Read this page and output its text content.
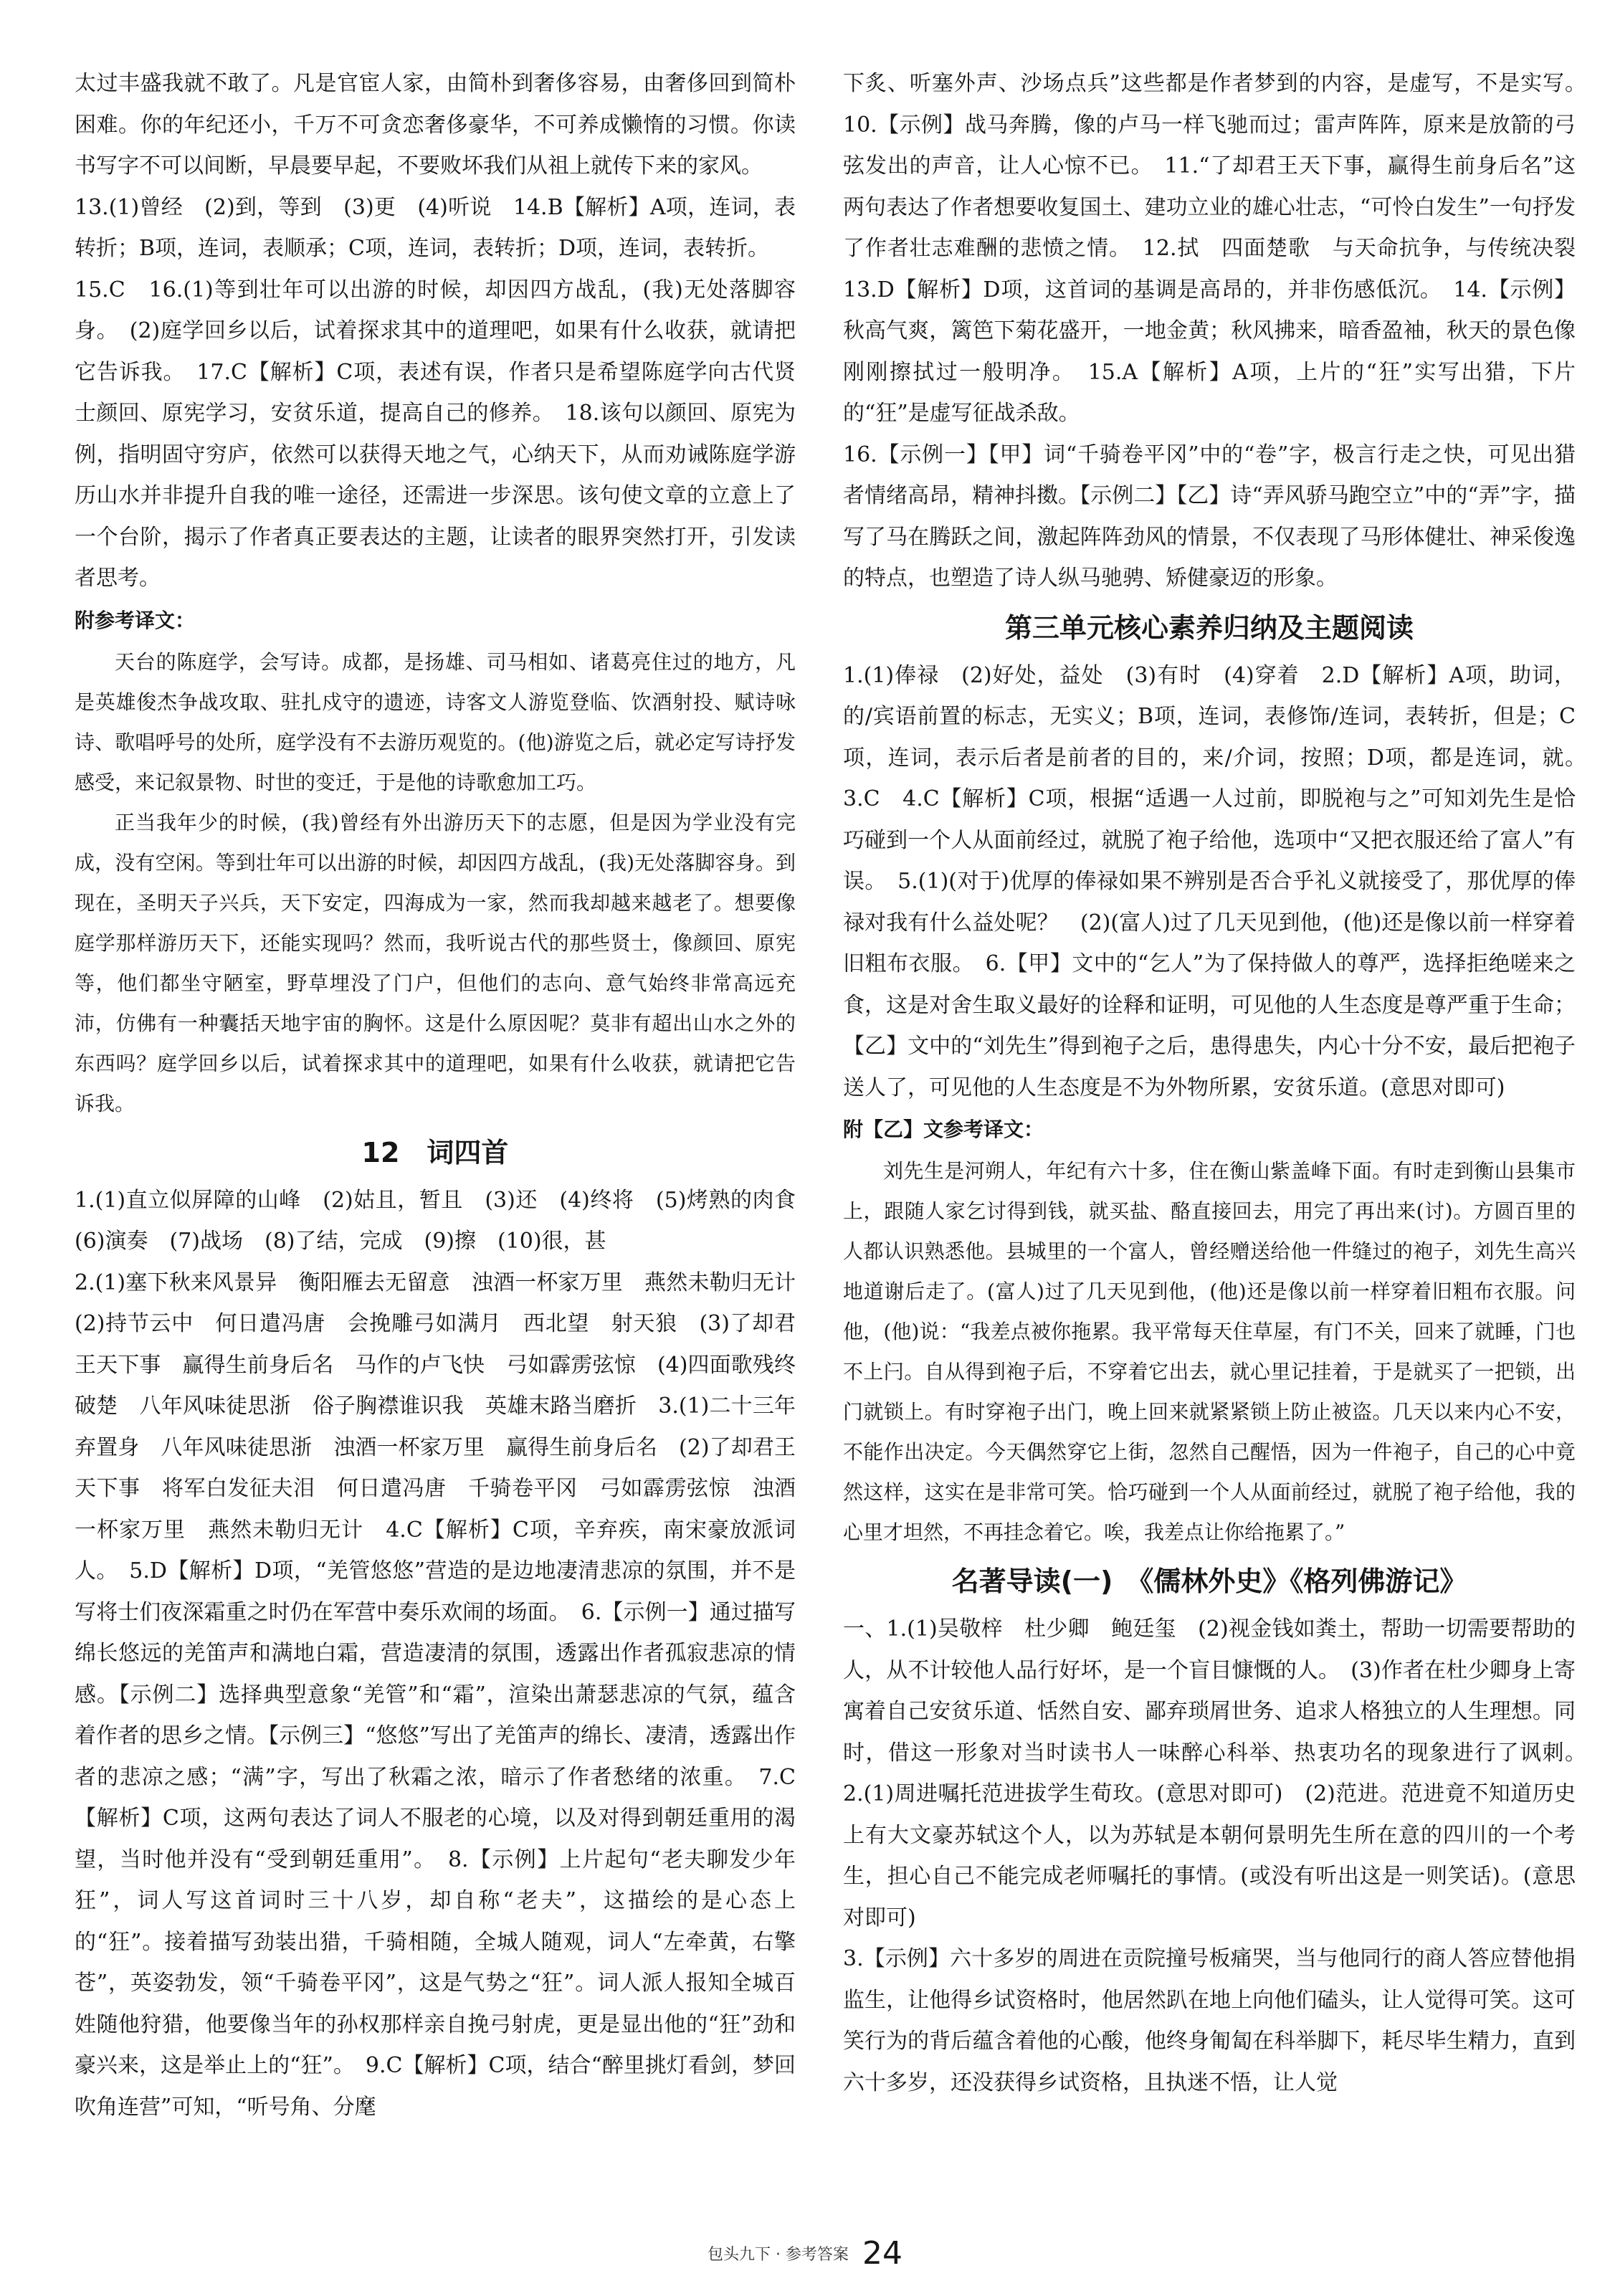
太过丰盛我就不敢了。凡是官宦人家，由简朴到奢侈容易，由奢侈回到简朴困难。你的年纪还小，千万不可贪恋奢侈豪华，不可养成懒惰的习惯。你读书写字不可以间断，早晨要早起，不要败坏我们从祖上就传下来的家风。

13.(1)曾经　(2)到，等到　(3)更　(4)听说　14.B【解析】A项，连词，表转折；B项，连词，表顺承；C项，连词，表转折；D项，连词，表转折。

15.C　16.(1)等到壮年可以出游的时候，却因四方战乱，(我)无处落脚容身。　(2)庭学回乡以后，试着探求其中的道理吧，如果有什么收获，就请把它告诉我。　17.C【解析】C项，表述有误，作者只是希望陈庭学向古代贤士颜回、原宪学习，安贫乐道，提高自己的修养。　18.该句以颜回、原宪为例，指明固守穷庐，依然可以获得天地之气，心纳天下，从而劝诫陈庭学游历山水并非提升自我的唯一途径，还需进一步深思。该句使文章的立意上了一个台阶，揭示了作者真正要表达的主题，让读者的眼界突然打开，引发读者思考。

附参考译文：

天台的陈庭学，会写诗。成都，是扬雄、司马相如、诸葛亮住过的地方，凡是英雄俊杰争战攻取、驻扎戍守的遗迹，诗客文人游览登临、饮酒射投、赋诗咏诗、歌唱呼号的处所，庭学没有不去游历观览的。(他)游览之后，就必定写诗抒发感受，来记叙景物、时世的变迁，于是他的诗歌愈加工巧。

正当我年少的时候，(我)曾经有外出游历天下的志愿，但是因为学业没有完成，没有空闲。等到壮年可以出游的时候，却因四方战乱，(我)无处落脚容身。到现在，圣明天子兴兵，天下安定，四海成为一家，然而我却越来越老了。想要像庭学那样游历天下，还能实现吗？然而，我听说古代的那些贤士，像颜回、原宪等，他们都坐守陋室，野草埋没了门户，但他们的志向、意气始终非常高远充沛，仿佛有一种囊括天地宇宙的胸怀。这是什么原因呢？莫非有超出山水之外的东西吗？庭学回乡以后，试着探求其中的道理吧，如果有什么收获，就请把它告诉我。

12　词四首

1.(1)直立似屏障的山峰　(2)姑且，暂且　(3)还　(4)终将　(5)烤熟的肉食　(6)演奏　(7)战场　(8)了结，完成　(9)擦　(10)很，甚

2.(1)塞下秋来风景异　衡阳雁去无留意　浊酒一杯家万里　燕然未勒归无计　(2)持节云中　何日遣冯唐　会挽雕弓如满月　西北望　射天狼　(3)了却君王天下事　赢得生前身后名　马作的卢飞快　弓如霹雳弦惊　(4)四面歌残终破楚　八年风味徒思浙　俗子胸襟谁识我　英雄末路当磨折　3.(1)二十三年弃置身　八年风味徒思浙　浊酒一杯家万里　赢得生前身后名　(2)了却君王天下事　将军白发征夫泪　何日遣冯唐　千骑卷平冈　弓如霹雳弦惊　浊酒一杯家万里　燕然未勒归无计　4.C【解析】C项，辛弃疾，南宋豪放派词人。　5.D【解析】D项，“羌管悠悠”营造的是边地凄清悲凉的氛围，并不是写将士们夜深霜重之时仍在军营中奏乐欢闹的场面。　6.【示例一】通过描写绵长悠远的羌笛声和满地白霜，营造凄清的氛围，透露出作者孤寂悲凉的情感。【示例二】选择典型意象“羌管”和“霜”，渲染出萧瑟悲凉的气氛，蕴含着作者的思乡之情。【示例三】“悠悠”写出了羌笛声的绵长、凄清，透露出作者的悲凉之感；“满”字，写出了秋霜之浓，暗示了作者愁绪的浓重。　7.C【解析】C项，这两句表达了词人不服老的心境，以及对得到朝廷重用的渴望，当时他并没有“受到朝廷重用”。　8.【示例】上片起句“老夫聊发少年狂”，词人写这首词时三十八岁，却自称“老夫”，这描绘的是心态上的“狂”。接着描写劲装出猎，千骑相随，全城人随观，词人“左牵黄，右擎苍”，英姿勃发，领“千骑卷平冈”，这是气势之“狂”。词人派人报知全城百姓随他狩猎，他要像当年的孙权那样亲自挽弓射虎，更是显出他的“狂”劲和豪兴来，这是举止上的“狂”。　9.C【解析】C项，结合“醉里挑灯看剑，梦回吹角连营”可知，“听号角、分麾

下炙、听塞外声、沙场点兵”这些都是作者梦到的内容，是虚写，不是实写。　10.【示例】战马奔腾，像的卢马一样飞驰而过；雷声阵阵，原来是放箭的弓弦发出的声音，让人心惊不已。　11.“了却君王天下事，赢得生前身后名”这两句表达了作者想要收复国土、建功立业的雄心壮志，“可怜白发生”一句抒发了作者壮志难酬的悲愤之情。　12.拭　四面楚歌　与天命抗争，与传统决裂　13.D【解析】D项，这首词的基调是高昂的，并非伤感低沉。　14.【示例】秋高气爽，篱笆下菊花盛开，一地金黄；秋风拂来，暗香盈袖，秋天的景色像刚刚擦拭过一般明净。　15.A【解析】A项，上片的“狂”实写出猎，下片的“狂”是虚写征战杀敌。

16.【示例一】【甲】词“千骑卷平冈”中的“卷”字，极言行走之快，可见出猎者情绪高昂，精神抖擞。【示例二】【乙】诗“弄风骄马跑空立”中的“弄”字，描写了马在腾跃之间，激起阵阵劲风的情景，不仅表现了马形体健壮、神采俊逸的特点，也塑造了诗人纵马驰骋、矫健豪迈的形象。

第三单元核心素养归纳及主题阅读

1.(1)俸禄　(2)好处，益处　(3)有时　(4)穿着　2.D【解析】A项，助词，的/宾语前置的标志，无实义；B项，连词，表修饰/连词，表转折，但是；C项，连词，表示后者是前者的目的，来/介词，按照；D项，都是连词，就。　3.C　4.C【解析】C项，根据“适遇一人过前，即脱袍与之”可知刘先生是恰巧碰到一个人从面前经过，就脱了袍子给他，选项中“又把衣服还给了富人”有误。　5.(1)(对于)优厚的俸禄如果不辨别是否合乎礼义就接受了，那优厚的俸禄对我有什么益处呢？　(2)(富人)过了几天见到他，(他)还是像以前一样穿着旧粗布衣服。　6.【甲】文中的“乞人”为了保持做人的尊严，选择拒绝嗟来之食，这是对舍生取义最好的诠释和证明，可见他的人生态度是尊严重于生命；【乙】文中的“刘先生”得到袍子之后，患得患失，内心十分不安，最后把袍子送人了，可见他的人生态度是不为外物所累，安贫乐道。(意思对即可)

附【乙】文参考译文：

刘先生是河朔人，年纪有六十多，住在衡山紫盖峰下面。有时走到衡山县集市上，跟随人家乞讨得到钱，就买盐、酪直接回去，用完了再出来(讨)。方圆百里的人都认识熟悉他。县城里的一个富人，曾经赠送给他一件缝过的袍子，刘先生高兴地道谢后走了。(富人)过了几天见到他，(他)还是像以前一样穿着旧粗布衣服。问他，(他)说：“我差点被你拖累。我平常每天住草屋，有门不关，回来了就睡，门也不上闩。自从得到袍子后，不穿着它出去，就心里记挂着，于是就买了一把锁，出门就锁上。有时穿袍子出门，晚上回来就紧紧锁上防止被盗。几天以来内心不安，不能作出决定。今天偶然穿它上街，忽然自己醒悟，因为一件袍子，自己的心中竟然这样，这实在是非常可笑。恰巧碰到一个人从面前经过，就脱了袍子给他，我的心里才坦然，不再挂念着它。唉，我差点让你给拖累了。”

名著导读(一)　《儒林外史》《格列佛游记》

一、1.(1)吴敬梓　杜少卿　鲍廷玺　(2)视金钱如粪土，帮助一切需要帮助的人，从不计较他人品行好坏，是一个盲目慷慨的人。　(3)作者在杜少卿身上寄寓着自己安贫乐道、恬然自安、鄙弃琐屑世务、追求人格独立的人生理想。同时，借这一形象对当时读书人一味醉心科举、热衷功名的现象进行了讽刺。　2.(1)周进嘱托范进拔学生荀玫。(意思对即可)　(2)范进。范进竟不知道历史上有大文豪苏轼这个人，以为苏轼是本朝何景明先生所在意的四川的一个考生，担心自己不能完成老师嘱托的事情。(或没有听出这是一则笑话)。(意思对即可)

3.【示例】六十多岁的周进在贡院撞号板痛哭，当与他同行的商人答应替他捐监生，让他得乡试资格时，他居然趴在地上向他们磕头，让人觉得可笑。这可笑行为的背后蕴含着他的心酸，他终身匍匐在科举脚下，耗尽毕生精力，直到六十多岁，还没获得乡试资格，且执迷不悟，让人觉

包头九下 · 参考答案 24
